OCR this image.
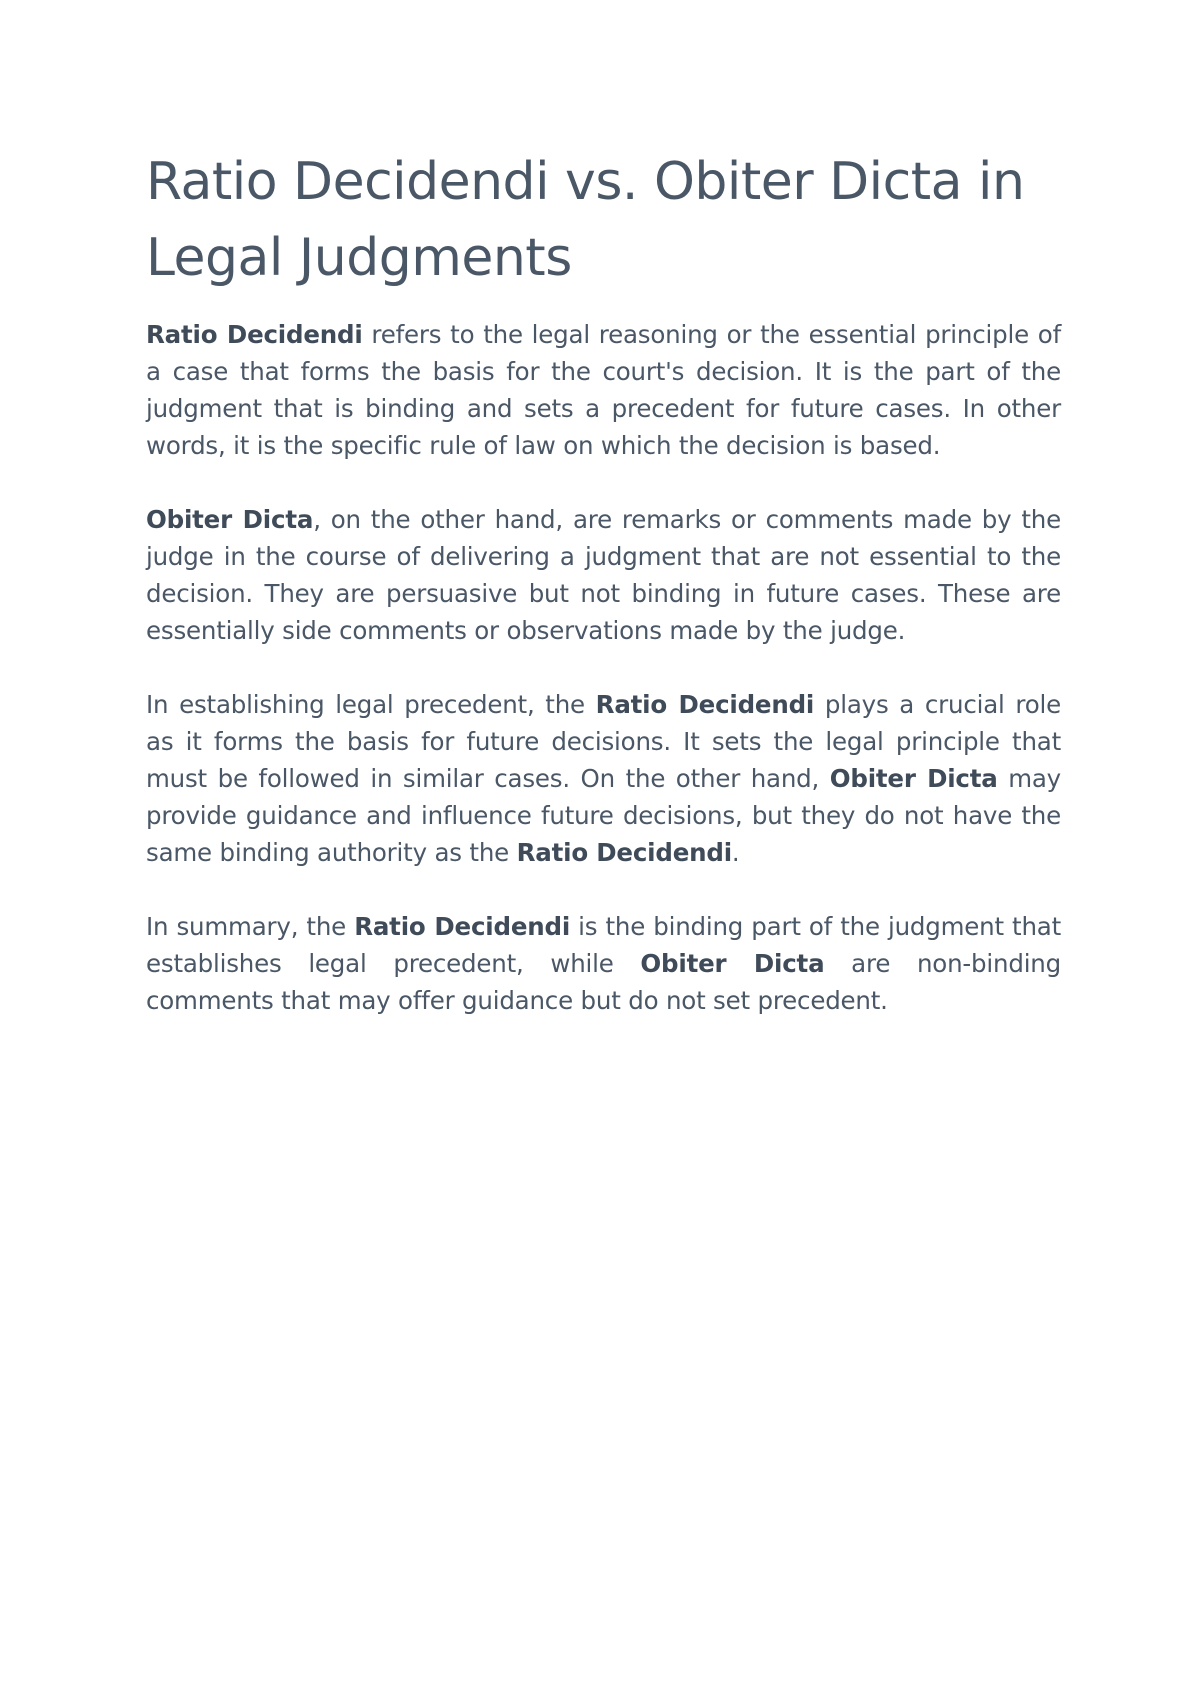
Ratio Decidendi vs. Obiter Dicta in Legal Judgments

Ratio Decidendi refers to the legal reasoning or the essential principle of a case that forms the basis for the court's decision. It is the part of the judgment that is binding and sets a precedent for future cases. In other words, it is the specific rule of law on which the decision is based.

Obiter Dicta, on the other hand, are remarks or comments made by the judge in the course of delivering a judgment that are not essential to the decision. They are persuasive but not binding in future cases. These are essentially side comments or observations made by the judge.

In establishing legal precedent, the Ratio Decidendi plays a crucial role as it forms the basis for future decisions. It sets the legal principle that must be followed in similar cases. On the other hand, Obiter Dicta may provide guidance and influence future decisions, but they do not have the same binding authority as the Ratio Decidendi.

In summary, the Ratio Decidendi is the binding part of the judgment that establishes legal precedent, while Obiter Dicta are non-binding comments that may offer guidance but do not set precedent.
